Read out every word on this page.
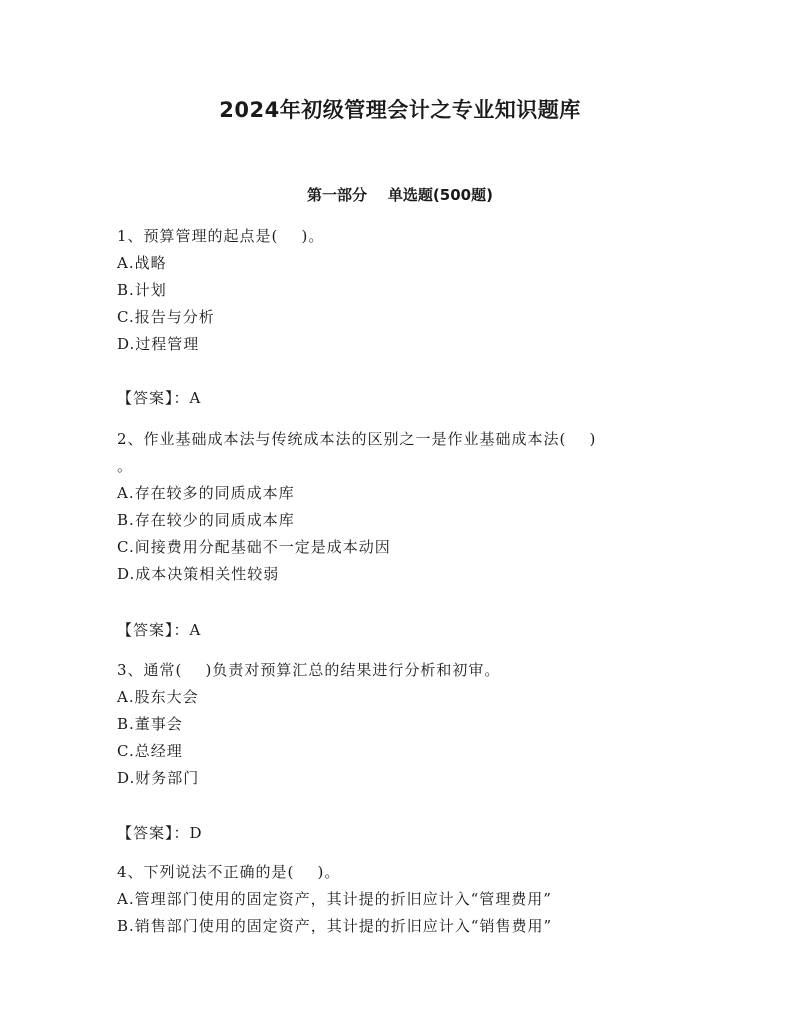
2024年初级管理会计之专业知识题库
第一部分    单选题(500题)
1、预算管理的起点是(    )。
A.战略
B.计划
C.报告与分析
D.过程管理
【答案】：A
2、作业基础成本法与传统成本法的区别之一是作业基础成本法(    )
。
A.存在较多的同质成本库
B.存在较少的同质成本库
C.间接费用分配基础不一定是成本动因
D.成本决策相关性较弱
【答案】：A
3、通常(    )负责对预算汇总的结果进行分析和初审。
A.股东大会
B.董事会
C.总经理
D.财务部门
【答案】：D
4、下列说法不正确的是(    )。
A.管理部门使用的固定资产，其计提的折旧应计入“管理费用”
B.销售部门使用的固定资产，其计提的折旧应计入“销售费用”
